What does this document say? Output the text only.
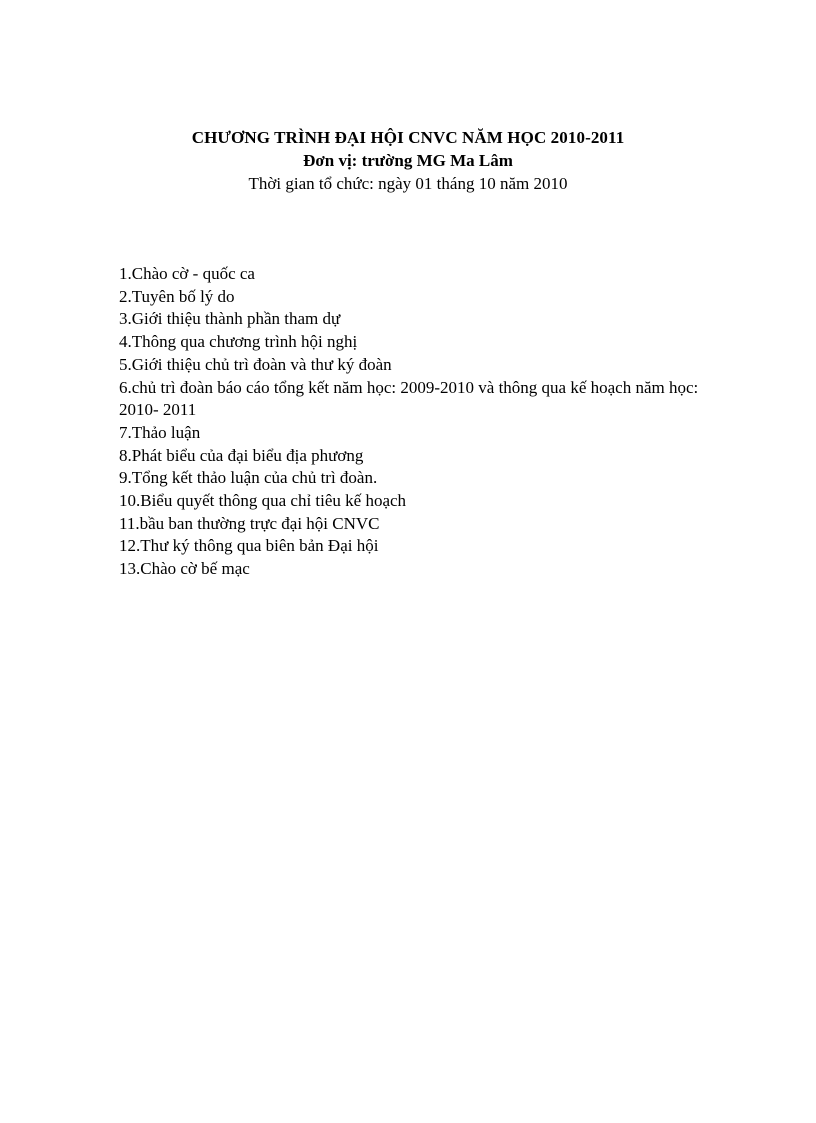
CHƯƠNG TRÌNH ĐẠI HỘI CNVC NĂM HỌC 2010-2011
Đơn vị: trường MG Ma Lâm
Thời gian tổ chức: ngày 01 tháng 10 năm 2010
1.Chào cờ - quốc ca
2.Tuyên bố lý do
3.Giới thiệu thành phần tham dự
4.Thông qua chương trình hội nghị
5.Giới thiệu chủ trì đoàn và thư ký đoàn
6.chủ trì đoàn báo cáo tổng kết năm học: 2009-2010 và thông qua kế hoạch năm học: 2010- 2011
7.Thảo luận
8.Phát biểu của đại biểu địa phương
9.Tổng kết thảo luận của chủ trì đoàn.
10.Biểu quyết thông qua chỉ tiêu kế hoạch
11.bầu ban thường trực đại hội CNVC
12.Thư ký thông qua biên bản Đại hội
13.Chào cờ bế mạc
